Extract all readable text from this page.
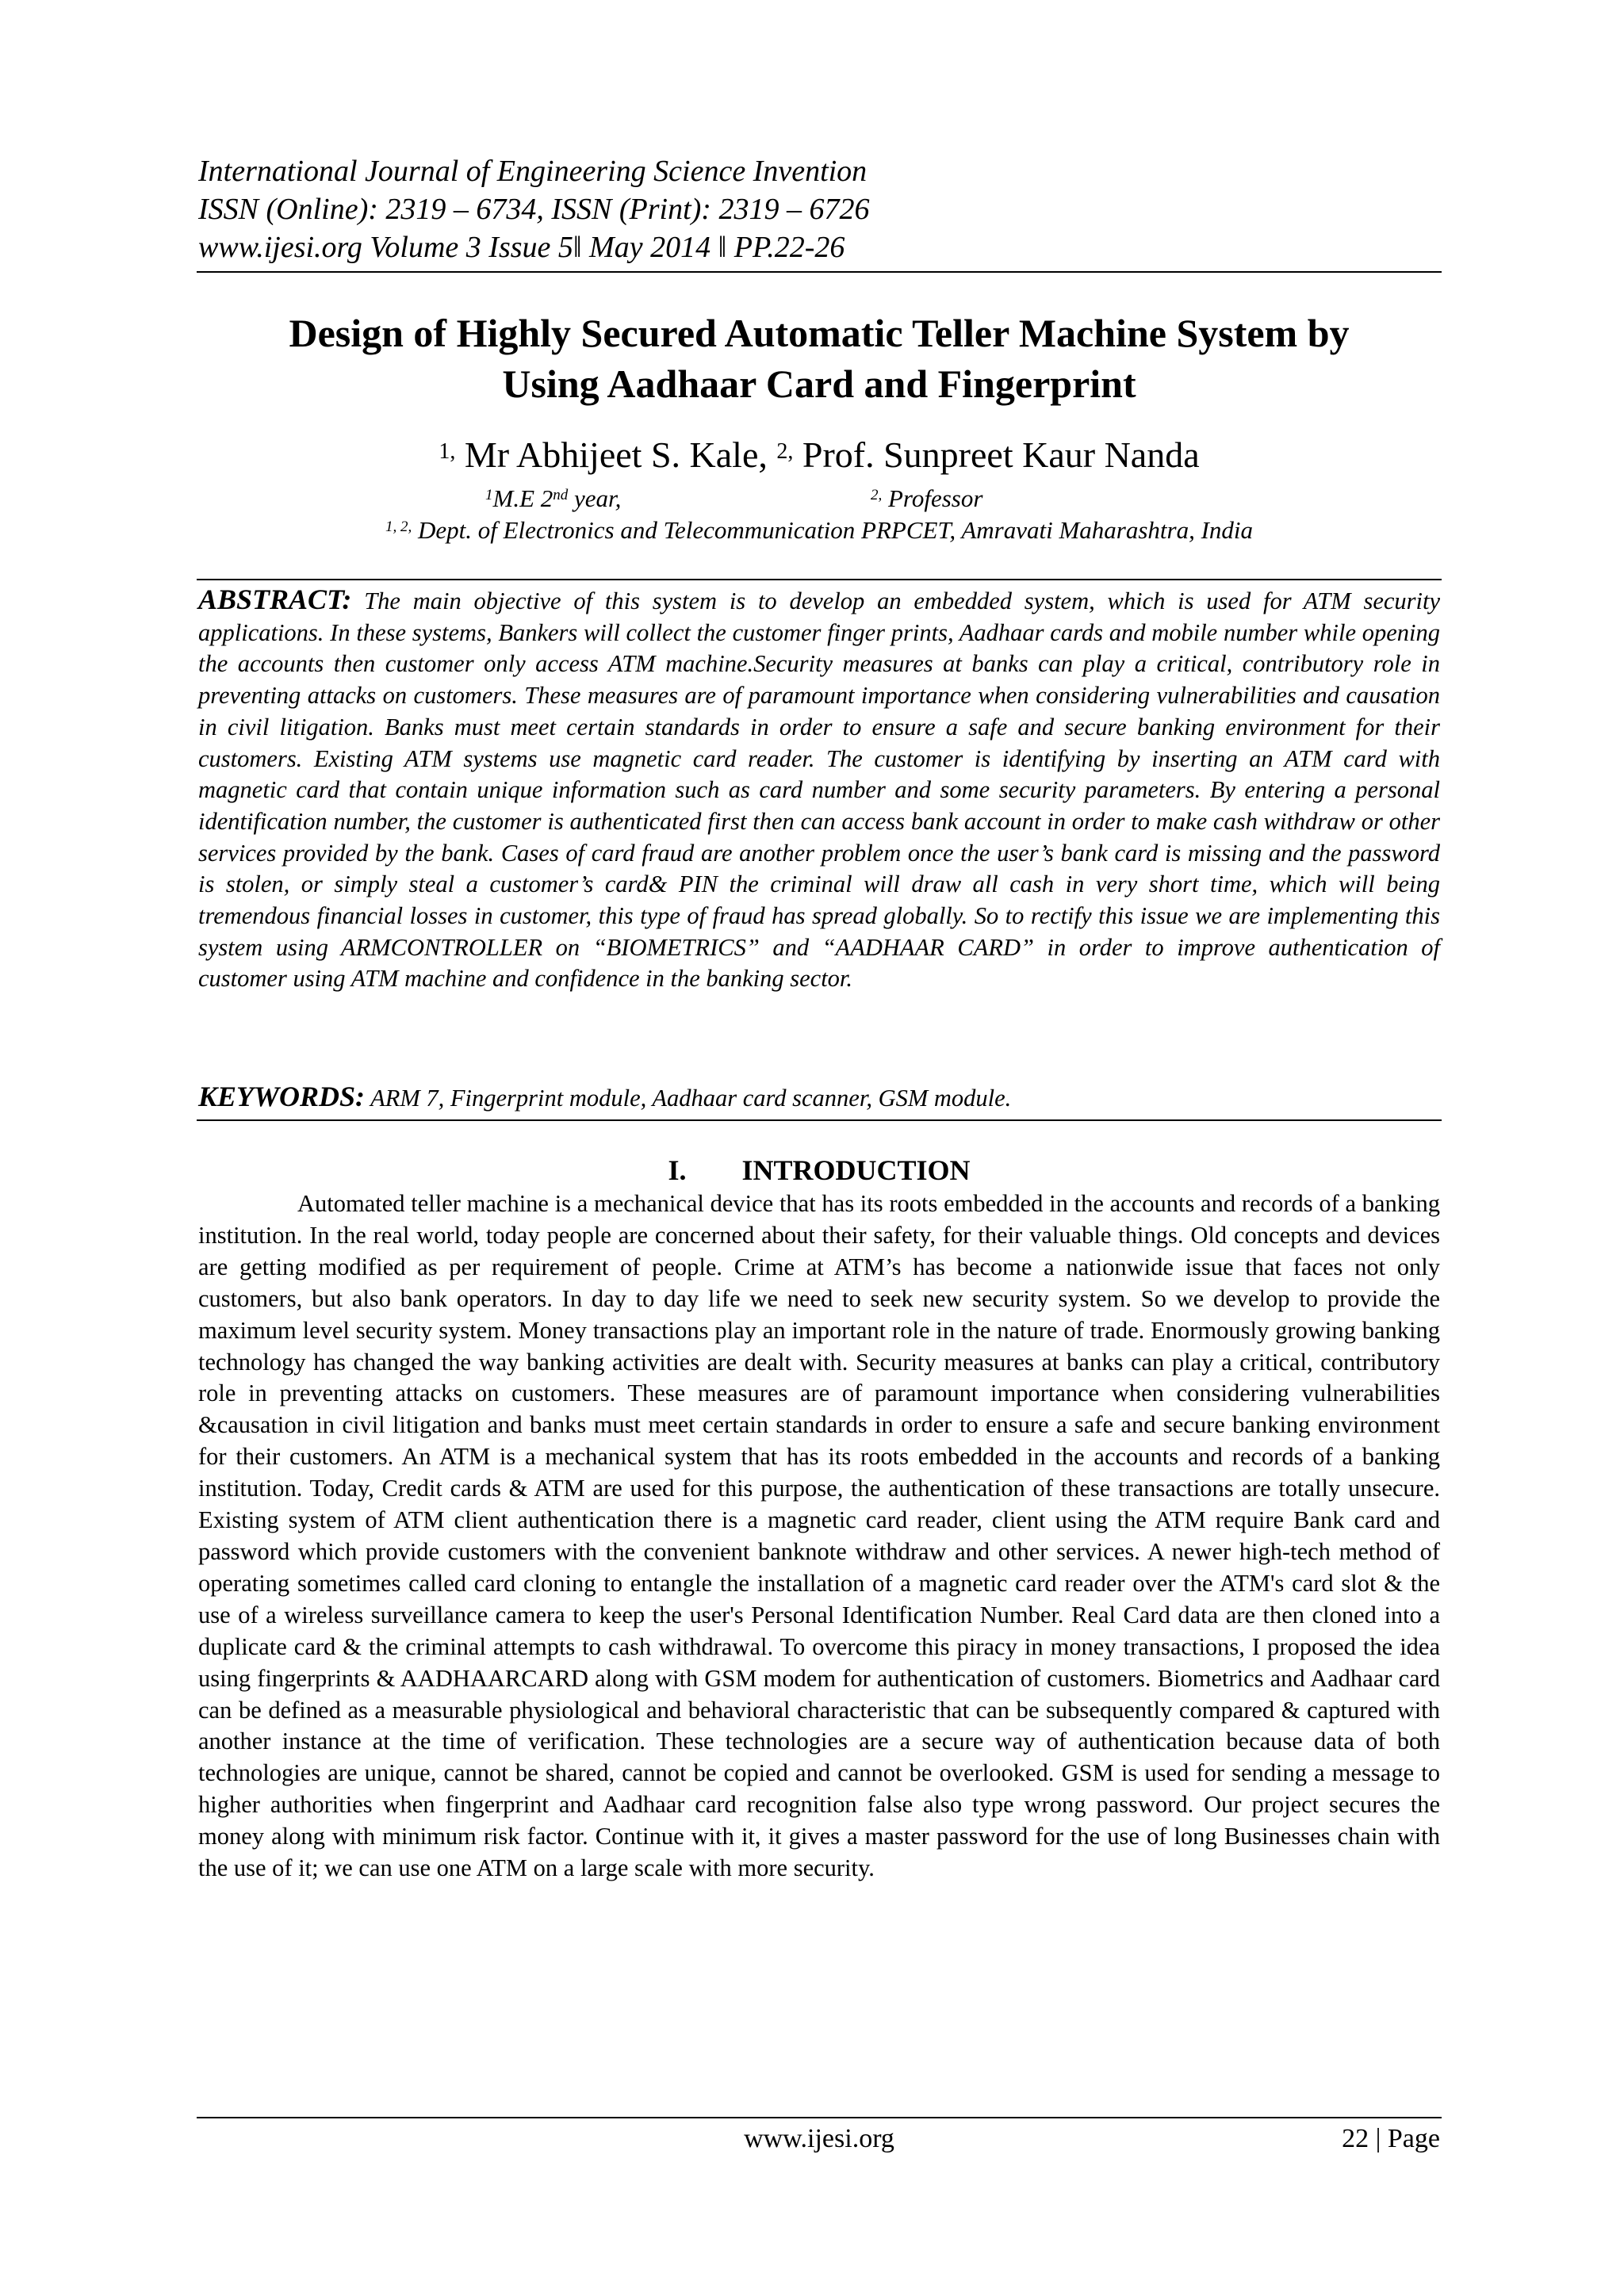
International Journal of Engineering Science Invention
ISSN (Online): 2319 – 6734, ISSN (Print): 2319 – 6726
www.ijesi.org Volume 3 Issue 5ǁ May 2014 ǁ PP.22-26
Design of Highly Secured Automatic Teller Machine System by
Using Aadhaar Card and Fingerprint
$^{1,}$ Mr Abhijeet S. Kale, $^{2,}$ Prof. Sunpreet Kaur Nanda
$^1$M.E 2nd year,	$^{2,}$ Professor
$^{1, 2,}$ Dept. of Electronics and Telecommunication PRPCET, Amravati Maharashtra, India

ABSTRACT: The main objective of this system is to develop an embedded system, which is used for ATM security applications. In these systems, Bankers will collect the customer finger prints, Aadhaar cards and mobile number while opening the accounts then customer only access ATM machine.Security measures at banks can play a critical, contributory role in preventing attacks on customers. These measures are of paramount importance when considering vulnerabilities and causation in civil litigation. Banks must meet certain standards in order to ensure a safe and secure banking environment for their customers. Existing ATM systems use magnetic card reader. The customer is identifying by inserting an ATM card with magnetic card that contain unique information such as card number and some security parameters. By entering a personal identification number, the customer is authenticated first then can access bank account in order to make cash withdraw or other services provided by the bank. Cases of card fraud are another problem once the user’s bank card is missing and the password is stolen, or simply steal a customer’s card& PIN the criminal will draw all cash in very short time, which will being tremendous financial losses in customer, this type of fraud has spread globally. So to rectify this issue we are implementing this system using ARMCONTROLLER on “BIOMETRICS” and “AADHAAR CARD” in order to improve authentication of customer using ATM machine and confidence in the banking sector.

KEYWORDS: ARM 7, Fingerprint module, Aadhaar card scanner, GSM module.

I. INTRODUCTION

Automated teller machine is a mechanical device that has its roots embedded in the accounts and records of a banking institution. In the real world, today people are concerned about their safety, for their valuable things. Old concepts and devices are getting modified as per requirement of people. Crime at ATM’s has become a nationwide issue that faces not only customers, but also bank operators. In day to day life we need to seek new security system. So we develop to provide the maximum level security system. Money transactions play an important role in the nature of trade. Enormously growing banking technology has changed the way banking activities are dealt with. Security measures at banks can play a critical, contributory role in preventing attacks on customers. These measures are of paramount importance when considering vulnerabilities &causation in civil litigation and banks must meet certain standards in order to ensure a safe and secure banking environment for their customers. An ATM is a mechanical system that has its roots embedded in the accounts and records of a banking institution. Today, Credit cards & ATM are used for this purpose, the authentication of these transactions are totally unsecure. Existing system of ATM client authentication there is a magnetic card reader, client using the ATM require Bank card and password which provide customers with the convenient banknote withdraw and other services. A newer high-tech method of operating sometimes called card cloning to entangle the installation of a magnetic card reader over the ATM's card slot & the use of a wireless surveillance camera to keep the user's Personal Identification Number. Real Card data are then cloned into a duplicate card & the criminal attempts to cash withdrawal. To overcome this piracy in money transactions, I proposed the idea using fingerprints & AADHAARCARD along with GSM modem for authentication of customers. Biometrics and Aadhaar card can be defined as a measurable physiological and behavioral characteristic that can be subsequently compared & captured with another instance at the time of verification. These technologies are a secure way of authentication because data of both technologies are unique, cannot be shared, cannot be copied and cannot be overlooked. GSM is used for sending a message to higher authorities when fingerprint and Aadhaar card recognition false also type wrong password. Our project secures the money along with minimum risk factor. Continue with it, it gives a master password for the use of long Businesses chain with the use of it; we can use one ATM on a large scale with more security.

www.ijesi.org	22 | Page
